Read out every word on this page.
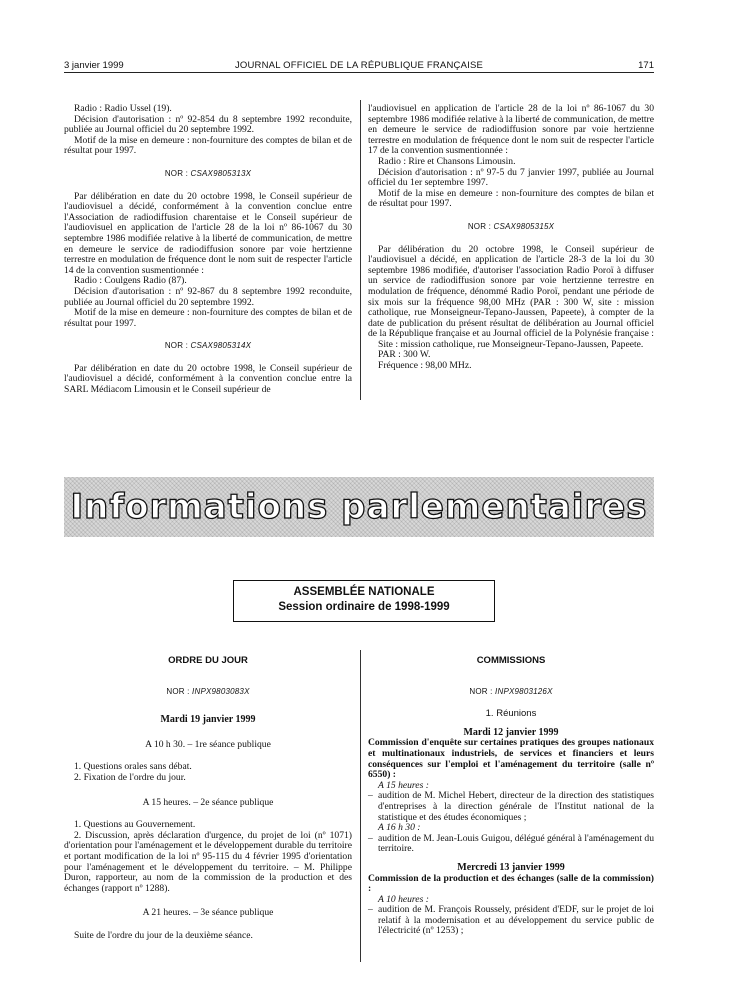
3 janvier 1999	JOURNAL OFFICIEL DE LA RÉPUBLIQUE FRANÇAISE	171

Radio : Radio Ussel (19).

Décision d'autorisation : nº 92-854 du 8 septembre 1992 reconduite, publiée au Journal officiel du 20 septembre 1992.

Motif de la mise en demeure : non-fourniture des comptes de bilan et de résultat pour 1997.

NOR : CSAX9805313X

Par délibération en date du 20 octobre 1998, le Conseil supérieur de l'audiovisuel a décidé, conformément à la convention conclue entre l'Association de radiodiffusion charentaise et le Conseil supérieur de l'audiovisuel en application de l'article 28 de la loi nº 86-1067 du 30 septembre 1986 modifiée relative à la liberté de communication, de mettre en demeure le service de radiodiffusion sonore par voie hertzienne terrestre en modulation de fréquence dont le nom suit de respecter l'article 14 de la convention susmentionnée :

Radio : Coulgens Radio (87).

Décision d'autorisation : nº 92-867 du 8 septembre 1992 reconduite, publiée au Journal officiel du 20 septembre 1992.

Motif de la mise en demeure : non-fourniture des comptes de bilan et de résultat pour 1997.

NOR : CSAX9805314X

Par délibération en date du 20 octobre 1998, le Conseil supérieur de l'audiovisuel a décidé, conformément à la convention conclue entre la SARL Médiacom Limousin et le Conseil supérieur de

l'audiovisuel en application de l'article 28 de la loi nº 86-1067 du 30 septembre 1986 modifiée relative à la liberté de communication, de mettre en demeure le service de radiodiffusion sonore par voie hertzienne terrestre en modulation de fréquence dont le nom suit de respecter l'article 17 de la convention susmentionnée :

Radio : Rire et Chansons Limousin.

Décision d'autorisation : nº 97-5 du 7 janvier 1997, publiée au Journal officiel du 1er septembre 1997.

Motif de la mise en demeure : non-fourniture des comptes de bilan et de résultat pour 1997.

NOR : CSAX9805315X

Par délibération du 20 octobre 1998, le Conseil supérieur de l'audiovisuel a décidé, en application de l'article 28-3 de la loi du 30 septembre 1986 modifiée, d'autoriser l'association Radio Poroï à diffuser un service de radiodiffusion sonore par voie hertzienne terrestre en modulation de fréquence, dénommé Radio Poroï, pendant une période de six mois sur la fréquence 98,00 MHz (PAR : 300 W, site : mission catholique, rue Monseigneur-Tepano-Jaussen, Papeete), à compter de la date de publication du présent résultat de délibération au Journal officiel de la République française et au Journal officiel de la Polynésie française :

Site : mission catholique, rue Monseigneur-Tepano-Jaussen, Papeete.

PAR : 300 W.

Fréquence : 98,00 MHz.

Informations parlementaires
ASSEMBLÉE NATIONALE
Session ordinaire de 1998-1999
ORDRE DU JOUR
NOR : INPX9803083X
Mardi 19 janvier 1999
A 10 h 30. – 1re séance publique

1. Questions orales sans débat.

2. Fixation de l'ordre du jour.

A 15 heures. – 2e séance publique

1. Questions au Gouvernement.

2. Discussion, après déclaration d'urgence, du projet de loi (nº 1071) d'orientation pour l'aménagement et le développement durable du territoire et portant modification de la loi nº 95-115 du 4 février 1995 d'orientation pour l'aménagement et le développement du territoire. – M. Philippe Duron, rapporteur, au nom de la commission de la production et des échanges (rapport nº 1288).

A 21 heures. – 3e séance publique

Suite de l'ordre du jour de la deuxième séance.

COMMISSIONS
NOR : INPX9803126X
1. Réunions
Mardi 12 janvier 1999

Commission d'enquête sur certaines pratiques des groupes nationaux et multinationaux industriels, de services et financiers et leurs conséquences sur l'emploi et l'aménagement du territoire (salle nº 6550) :

A 15 heures :

– audition de M. Michel Hebert, directeur de la direction des statistiques d'entreprises à la direction générale de l'Institut national de la statistique et des études économiques ;

A 16 h 30 :

– audition de M. Jean-Louis Guigou, délégué général à l'aménagement du territoire.

Mercredi 13 janvier 1999

Commission de la production et des échanges (salle de la commission) :

A 10 heures :

– audition de M. François Roussely, président d'EDF, sur le projet de loi relatif à la modernisation et au développement du service public de l'électricité (nº 1253) ;
